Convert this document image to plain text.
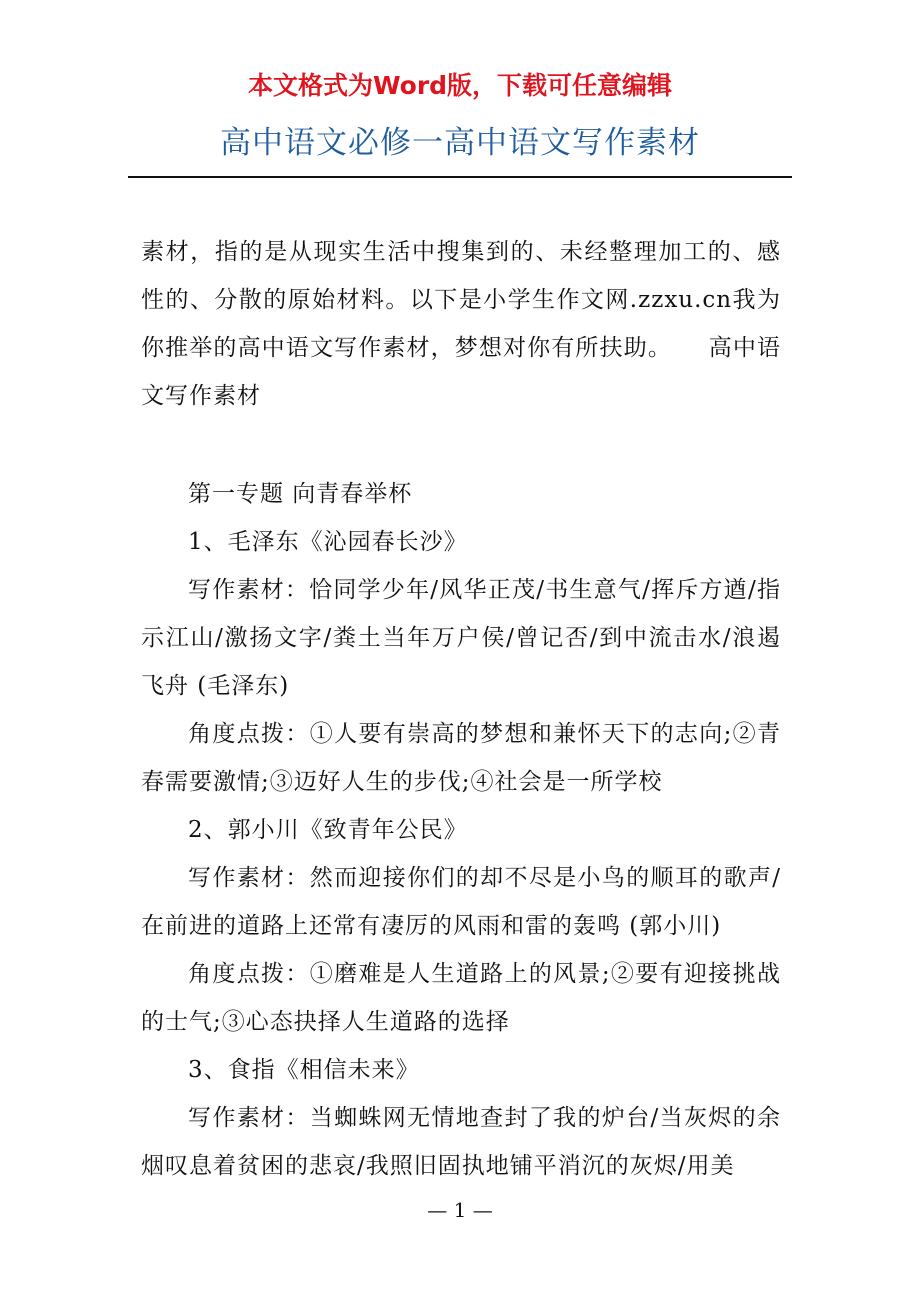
本文格式为Word版，下载可任意编辑
高中语文必修一高中语文写作素材

素材，指的是从现实生活中搜集到的、未经整理加工的、感性的、分散的原始材料。以下是小学生作文网.zzxu.cn我为你推举的高中语文写作素材，梦想对你有所扶助。　　高中语文写作素材

第一专题 向青春举杯

1、毛泽东《沁园春长沙》

写作素材：恰同学少年/风华正茂/书生意气/挥斥方遒/指示江山/激扬文字/粪土当年万户侯/曾记否/到中流击水/浪遏飞舟 (毛泽东)

角度点拨：①人要有崇高的梦想和兼怀天下的志向;②青春需要激情;③迈好人生的步伐;④社会是一所学校

2、郭小川《致青年公民》

写作素材：然而迎接你们的却不尽是小鸟的顺耳的歌声/在前进的道路上还常有凄厉的风雨和雷的轰鸣 (郭小川)

角度点拨：①磨难是人生道路上的风景;②要有迎接挑战的士气;③心态抉择人生道路的选择

3、食指《相信未来》

写作素材：当蜘蛛网无情地查封了我的炉台/当灰烬的余烟叹息着贫困的悲哀/我照旧固执地铺平消沉的灰烬/用美

— 1 —
